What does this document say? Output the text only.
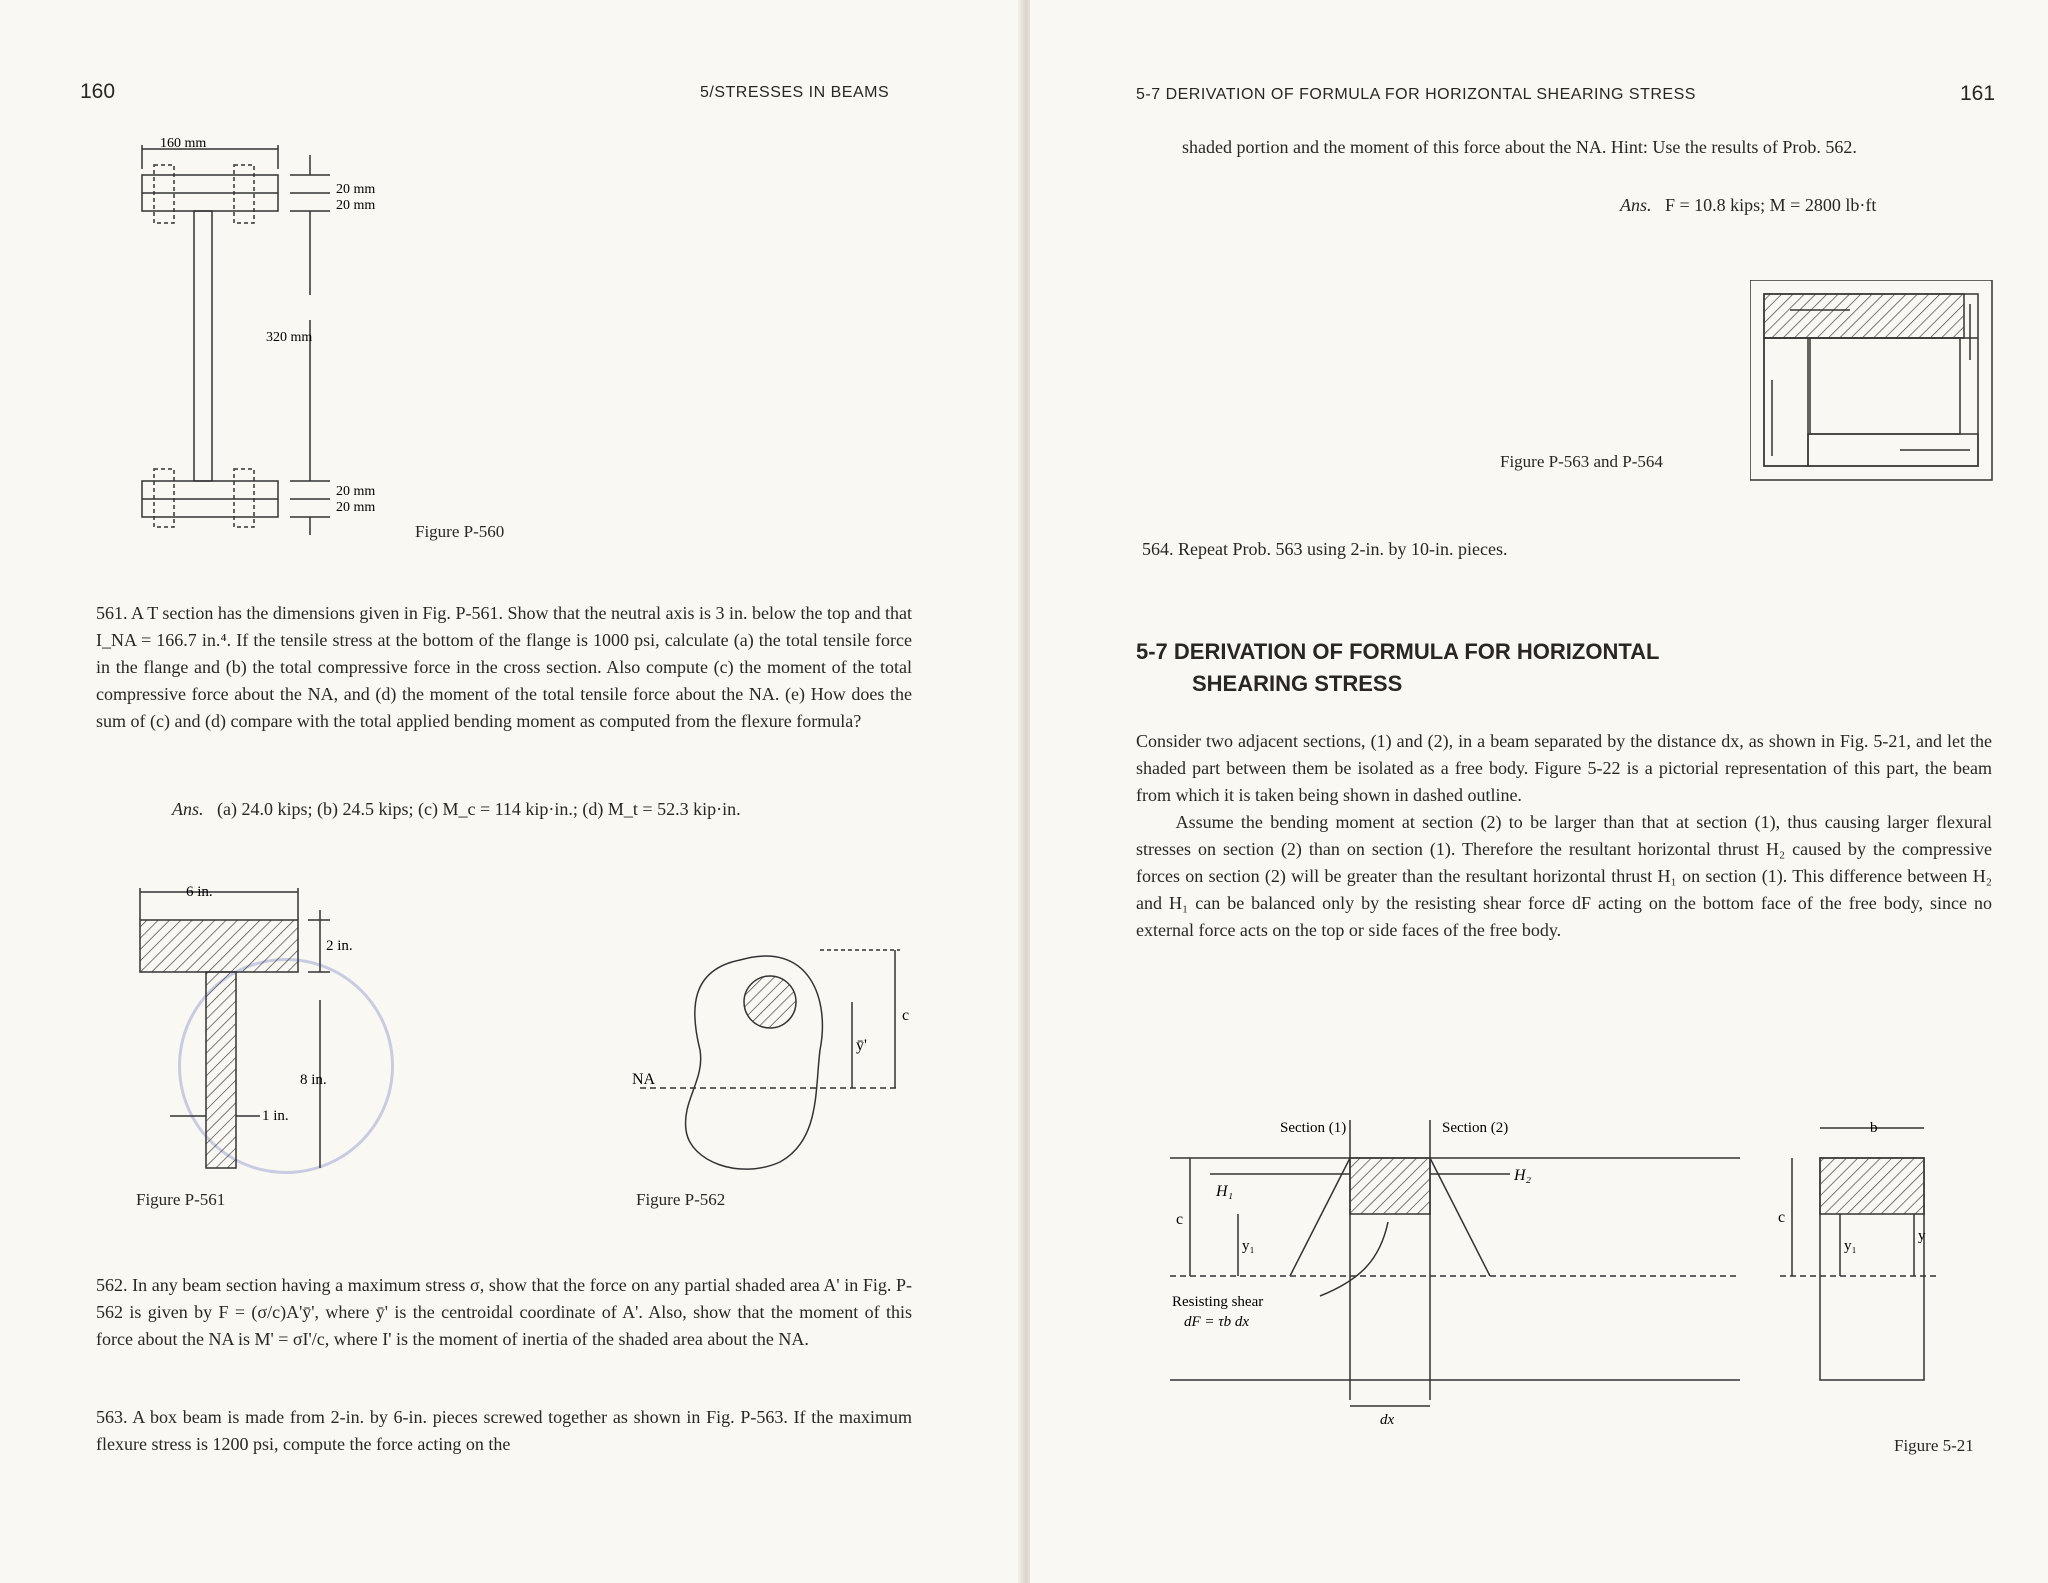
160	5/STRESSES IN BEAMS
160 mm
20 mm
20 mm
320 mm
20 mm
20 mm
Figure P-560

561. A T section has the dimensions given in Fig. P-561. Show that the neutral axis is 3 in. below the top and that I_NA = 166.7 in.⁴. If the tensile stress at the bottom of the flange is 1000 psi, calculate (a) the total tensile force in the flange and (b) the total compressive force in the cross section. Also compute (c) the moment of the total compressive force about the NA, and (d) the moment of the total tensile force about the NA. (e) How does the sum of (c) and (d) compare with the total applied bending moment as computed from the flexure formula?

Ans. (a) 24.0 kips; (b) 24.5 kips; (c) M_c = 114 kip·in.; (d) M_t = 52.3 kip·in.
6 in.
2 in.
8 in.
1 in.
Figure P-561
NA
c
ȳ'
Figure P-562

562. In any beam section having a maximum stress σ, show that the force on any partial shaded area A' in Fig. P-562 is given by F = (σ/c)A'ȳ', where ȳ' is the centroidal coordinate of A'. Also, show that the moment of this force about the NA is M' = σI'/c, where I' is the moment of inertia of the shaded area about the NA.

563. A box beam is made from 2-in. by 6-in. pieces screwed together as shown in Fig. P-563. If the maximum flexure stress is 1200 psi, compute the force acting on the

5-7 DERIVATION OF FORMULA FOR HORIZONTAL SHEARING STRESS	161
shaded portion and the moment of this force about the NA. Hint: Use the results of Prob. 562.
Ans. F = 10.8 kips; M = 2800 lb·ft
Figure P-563 and P-564

564. Repeat Prob. 563 using 2-in. by 10-in. pieces.

5-7 DERIVATION OF FORMULA FOR HORIZONTAL
SHEARING STRESS

Consider two adjacent sections, (1) and (2), in a beam separated by the distance dx, as shown in Fig. 5-21, and let the shaded part between them be isolated as a free body. Figure 5-22 is a pictorial representation of this part, the beam from which it is taken being shown in dashed outline.

Assume the bending moment at section (2) to be larger than that at section (1), thus causing larger flexural stresses on section (2) than on section (1). Therefore the resultant horizontal thrust H₂ caused by the compressive forces on section (2) will be greater than the resultant horizontal thrust H₁ on section (1). This difference between H₂ and H₁ can be balanced only by the resisting shear force dF acting on the bottom face of the free body, since no external force acts on the top or side faces of the free body.

Section (1)	Section (2)
H₁
H₂
c
y₁
Resisting shear
dF = τb dx
dx
b
c
y₁
y
Figure 5-21
